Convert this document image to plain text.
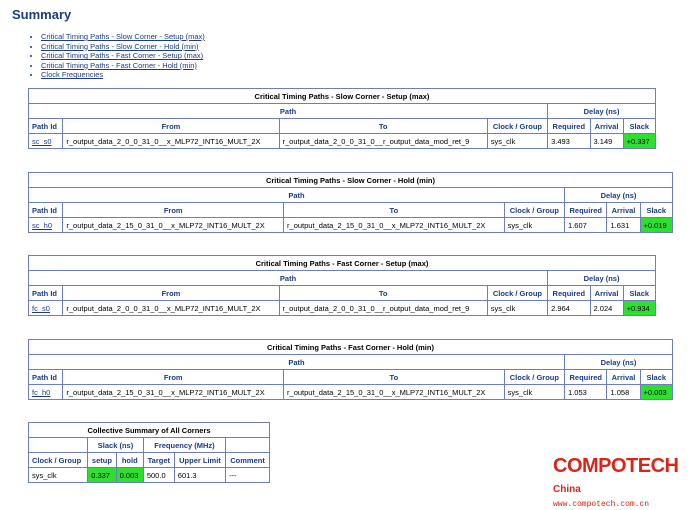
Summary
• Critical Timing Paths - Slow Corner - Setup (max)
• Critical Timing Paths - Slow Corner - Hold (min)
• Critical Timing Paths - Fast Corner - Setup (max)
• Critical Timing Paths - Fast Corner - Hold (min)
• Clock Frequencies
Critical Timing Paths - Slow Corner - Setup (max)						
Path				Delay (ns)		
Path Id	From	To	Clock / Group	Required	Arrival	Slack
sc_s0	r_output_data_2_0_0_31_0__x_MLP72_INT16_MULT_2X	r_output_data_2_0_0_31_0__r_output_data_mod_ret_9	sys_clk	3.493	3.149	+0.337
Critical Timing Paths - Slow Corner - Hold (min)						
Path				Delay (ns)		
Path Id	From	To	Clock / Group	Required	Arrival	Slack
sc_h0	r_output_data_2_15_0_31_0__x_MLP72_INT16_MULT_2X	r_output_data_2_15_0_31_0__x_MLP72_INT16_MULT_2X	sys_clk	1.607	1.631	+0.019
Critical Timing Paths - Fast Corner - Setup (max)						
Path				Delay (ns)		
Path Id	From	To	Clock / Group	Required	Arrival	Slack
fc_s0	r_output_data_2_0_0_31_0__x_MLP72_INT16_MULT_2X	r_output_data_2_0_0_31_0__r_output_data_mod_ret_9	sys_clk	2.964	2.024	+0.934
Critical Timing Paths - Fast Corner - Hold (min)						
Path				Delay (ns)		
Path Id	From	To	Clock / Group	Required	Arrival	Slack
fc_h0	r_output_data_2_15_0_31_0__x_MLP72_INT16_MULT_2X	r_output_data_2_15_0_31_0__x_MLP72_INT16_MULT_2X	sys_clk	1.053	1.058	+0.003
Collective Summary of All Corners					
	Slack (ns)		Frequency (MHz)		
Clock / Group	setup	hold	Target	Upper Limit	Comment
sys_clk	0.337	0.003	500.0	601.3	---	COMPOTECH China
www.compotech.com.cn
